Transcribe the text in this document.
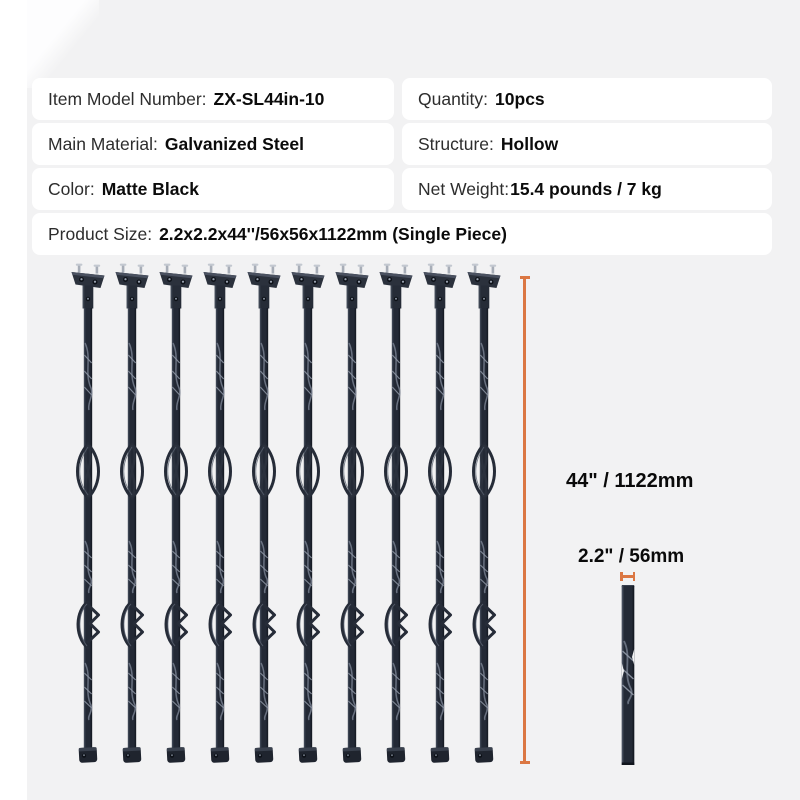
Item Model Number: ZX-SL44in-10	Quantity: 10pcs
Main Material: Galvanized Steel	Structure: Hollow
Color: Matte Black	Net Weight: 15.4 pounds / 7 kg
Product Size: 2.2x2.2x44''/56x56x1122mm (Single Piece)
44" / 1122mm
2.2" / 56mm
